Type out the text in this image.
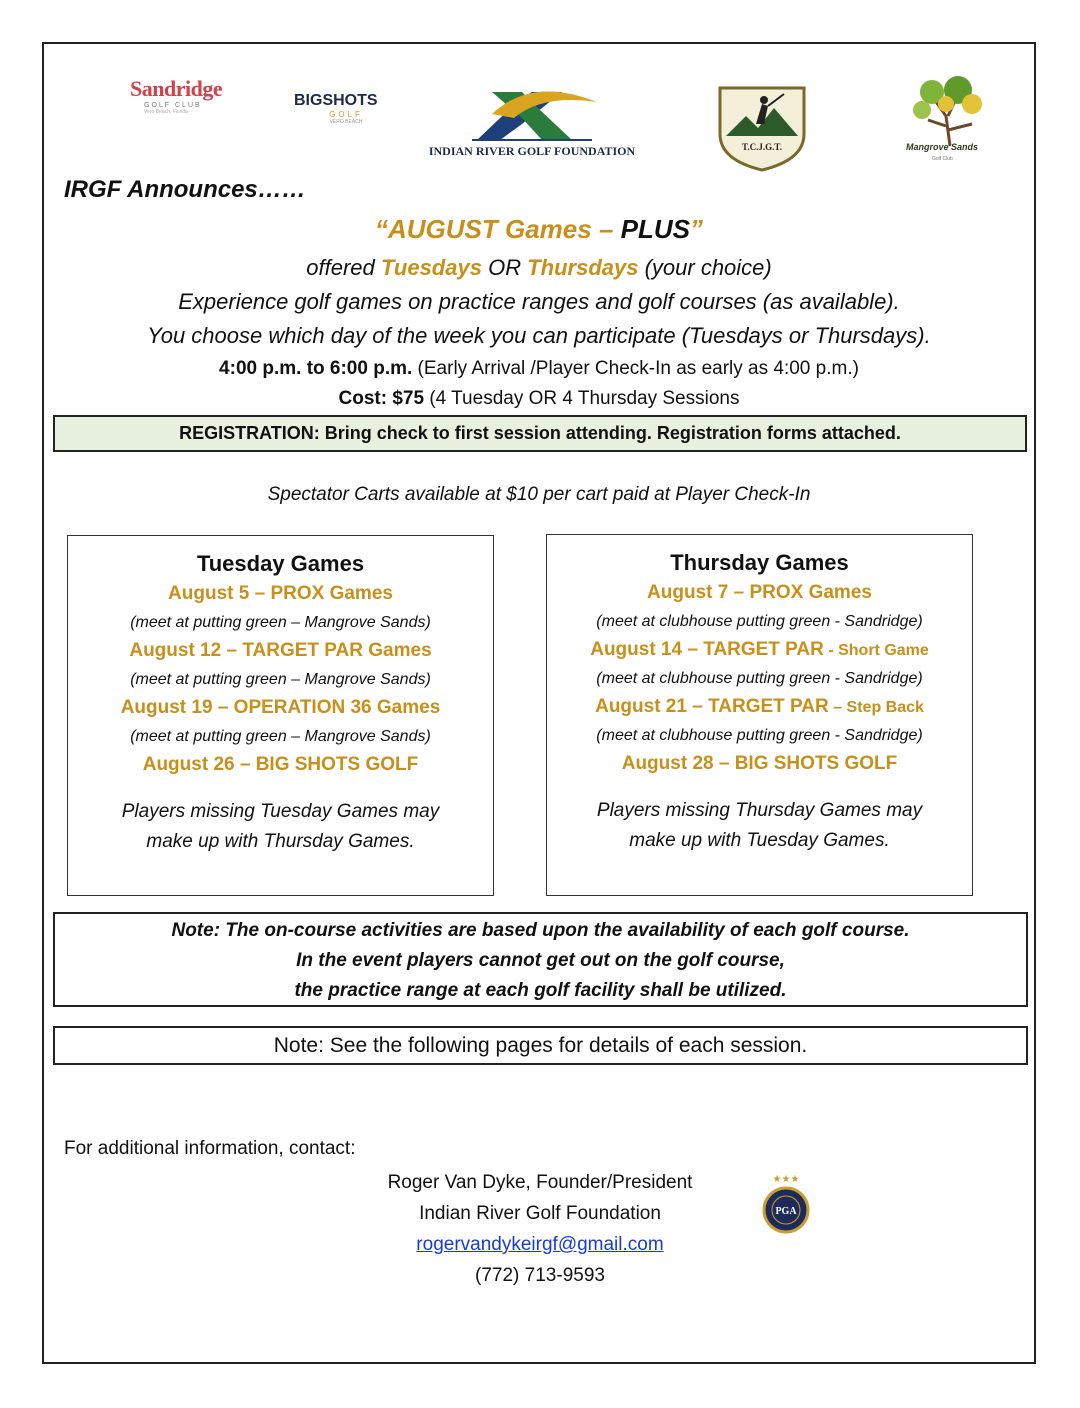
Sandridge
GOLF CLUB
Vero Beach, Florida
BIGSHOTS
GOLF
VERO BEACH
INDIAN RIVER GOLF FOUNDATION	T.C.J.G.T.	Mangrove Sands
Golf Club
IRGF Announces……
“AUGUST Games – PLUS”
offered Tuesdays OR Thursdays (your choice)
Experience golf games on practice ranges and golf courses (as available).
You choose which day of the week you can participate (Tuesdays or Thursdays).
4:00 p.m. to 6:00 p.m. (Early Arrival /Player Check-In as early as 4:00 p.m.)
Cost: $75 (4 Tuesday OR 4 Thursday Sessions
REGISTRATION: Bring check to first session attending. Registration forms attached.
Spectator Carts available at $10 per cart paid at Player Check-In
Tuesday Games
August 5 – PROX Games
(meet at putting green – Mangrove Sands)
August 12 – TARGET PAR Games
(meet at putting green – Mangrove Sands)
August 19 – OPERATION 36 Games
(meet at putting green – Mangrove Sands)
August 26 – BIG SHOTS GOLF
Players missing Tuesday Games may
make up with Thursday Games.
Thursday Games
August 7 – PROX Games
(meet at clubhouse putting green - Sandridge)
August 14 – TARGET PAR - Short Game
(meet at clubhouse putting green - Sandridge)
August 21 – TARGET PAR – Step Back
(meet at clubhouse putting green - Sandridge)
August 28 – BIG SHOTS GOLF
Players missing Thursday Games may
make up with Tuesday Games.
Note: The on-course activities are based upon the availability of each golf course.
In the event players cannot get out on the golf course,
the practice range at each golf facility shall be utilized.
Note: See the following pages for details of each session.
For additional information, contact:
Roger Van Dyke, Founder/President
Indian River Golf Foundation
rogervandykeirgf@gmail.com
(772) 713-9593
★★★
PGA
